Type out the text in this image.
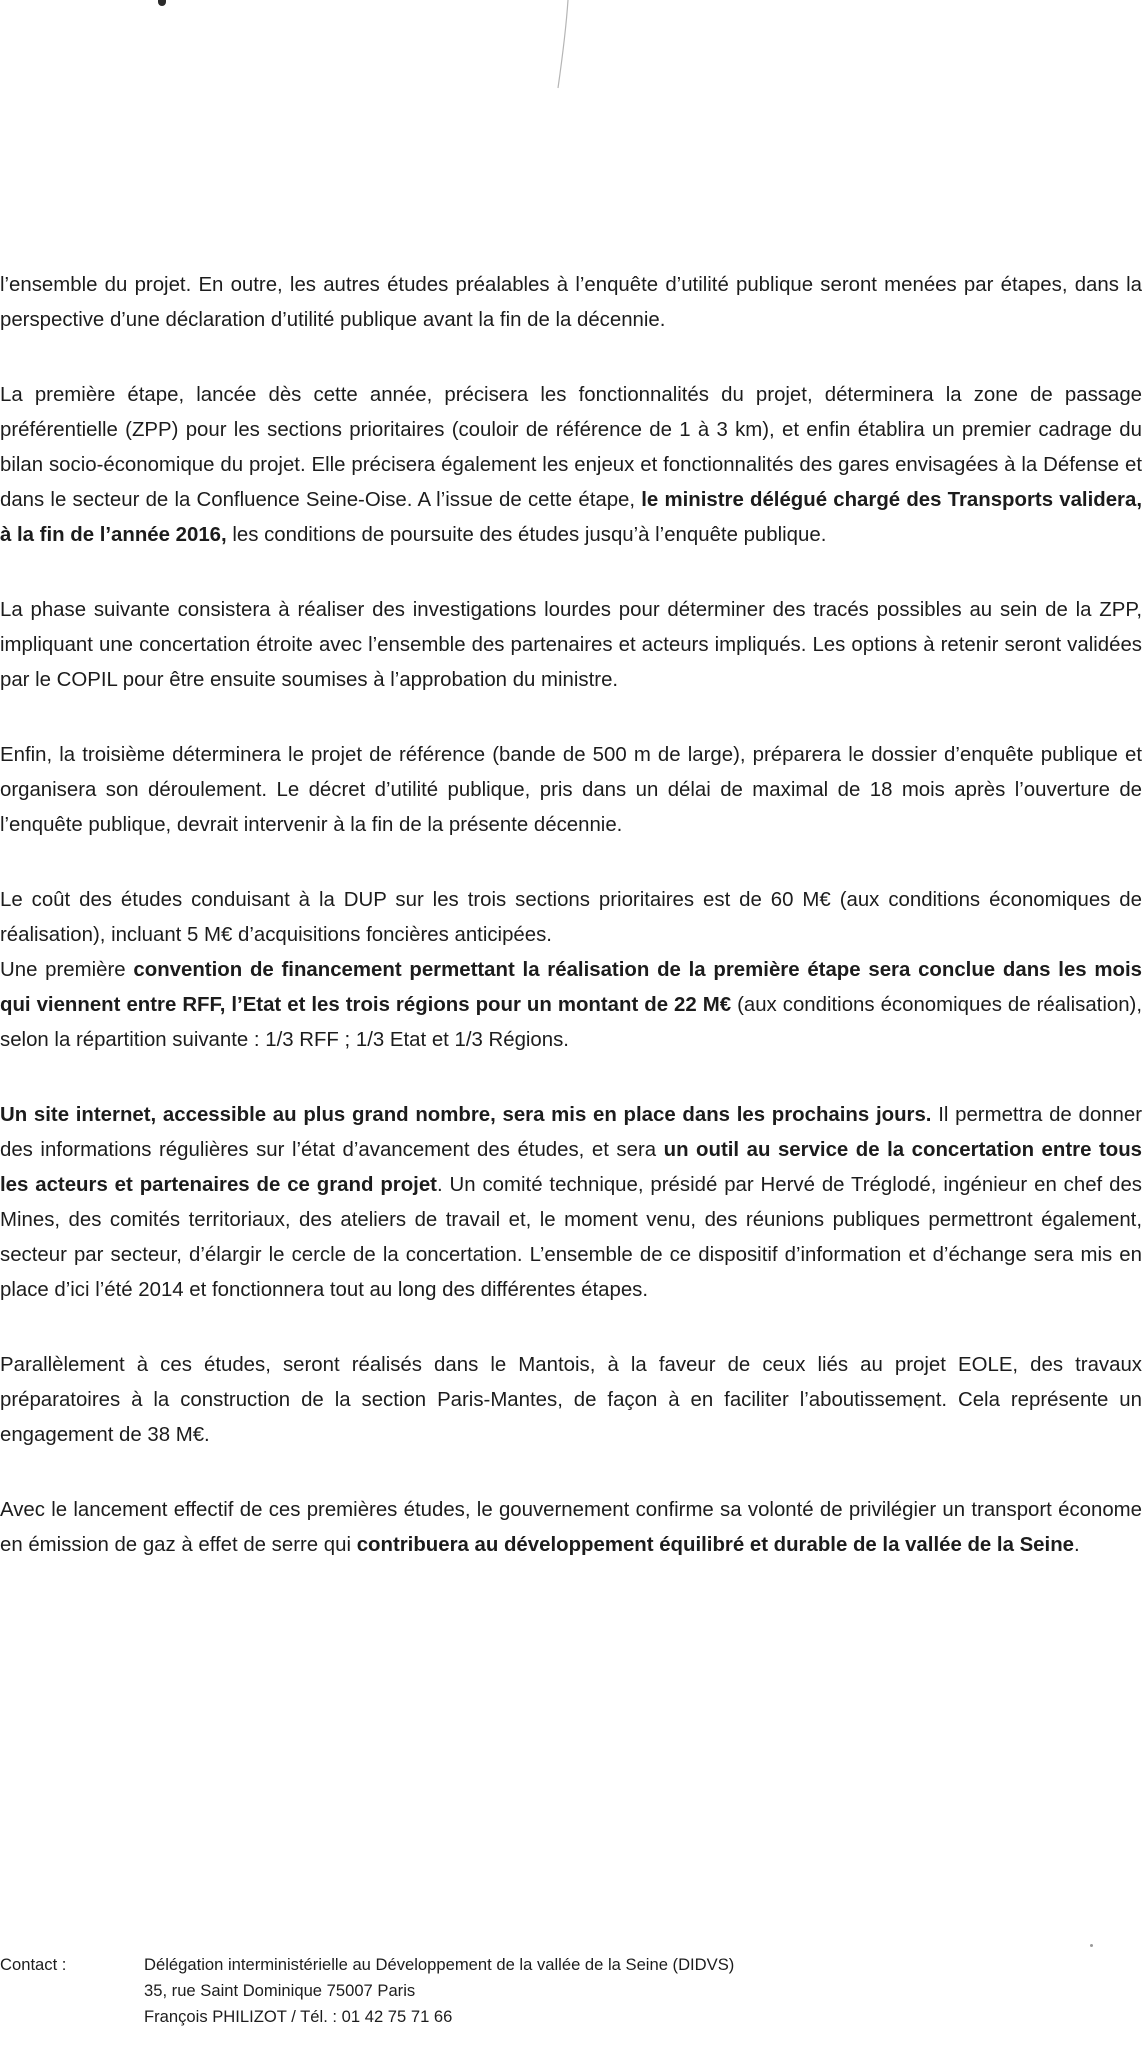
l’ensemble du projet. En outre, les autres études préalables à l’enquête d’utilité publique seront menées par étapes, dans la perspective d’une déclaration d’utilité publique avant la fin de la décennie.

La première étape, lancée dès cette année, précisera les fonctionnalités du projet, déterminera la zone de passage préférentielle (ZPP) pour les sections prioritaires (couloir de référence de 1 à 3 km), et enfin établira un premier cadrage du bilan socio-économique du projet. Elle précisera également les enjeux et fonctionnalités des gares envisagées à la Défense et dans le secteur de la Confluence Seine-Oise. A l’issue de cette étape, le ministre délégué chargé des Transports validera, à la fin de l’année 2016, les conditions de poursuite des études jusqu’à l’enquête publique.

La phase suivante consistera à réaliser des investigations lourdes pour déterminer des tracés possibles au sein de la ZPP, impliquant une concertation étroite avec l’ensemble des partenaires et acteurs impliqués. Les options à retenir seront validées par le COPIL pour être ensuite soumises à l’approbation du ministre.

Enfin, la troisième déterminera le projet de référence (bande de 500 m de large), préparera le dossier d’enquête publique et organisera son déroulement. Le décret d’utilité publique, pris dans un délai de maximal de 18 mois après l’ouverture de l’enquête publique, devrait intervenir à la fin de la présente décennie.

Le coût des études conduisant à la DUP sur les trois sections prioritaires est de 60 M€ (aux conditions économiques de réalisation), incluant 5 M€ d’acquisitions foncières anticipées.

Une première convention de financement permettant la réalisation de la première étape sera conclue dans les mois qui viennent entre RFF, l’Etat et les trois régions pour un montant de 22 M€ (aux conditions économiques de réalisation), selon la répartition suivante : 1/3 RFF ; 1/3 Etat et 1/3 Régions.

Un site internet, accessible au plus grand nombre, sera mis en place dans les prochains jours. Il permettra de donner des informations régulières sur l’état d’avancement des études, et sera un outil au service de la concertation entre tous les acteurs et partenaires de ce grand projet. Un comité technique, présidé par Hervé de Tréglodé, ingénieur en chef des Mines, des comités territoriaux, des ateliers de travail et, le moment venu, des réunions publiques permettront également, secteur par secteur, d’élargir le cercle de la concertation. L’ensemble de ce dispositif d’information et d’échange sera mis en place d’ici l’été 2014 et fonctionnera tout au long des différentes étapes.

Parallèlement à ces études, seront réalisés dans le Mantois, à la faveur de ceux liés au projet EOLE, des travaux préparatoires à la construction de la section Paris-Mantes, de façon à en faciliter l’aboutissement. Cela représente un engagement de 38 M€.

Avec le lancement effectif de ces premières études, le gouvernement confirme sa volonté de privilégier un transport économe en émission de gaz à effet de serre qui contribuera au développement équilibré et durable de la vallée de la Seine.

Contact :	Délégation interministérielle au Développement de la vallée de la Seine (DIDVS)
35, rue Saint Dominique 75007 Paris
François PHILIZOT / Tél. : 01 42 75 71 66
